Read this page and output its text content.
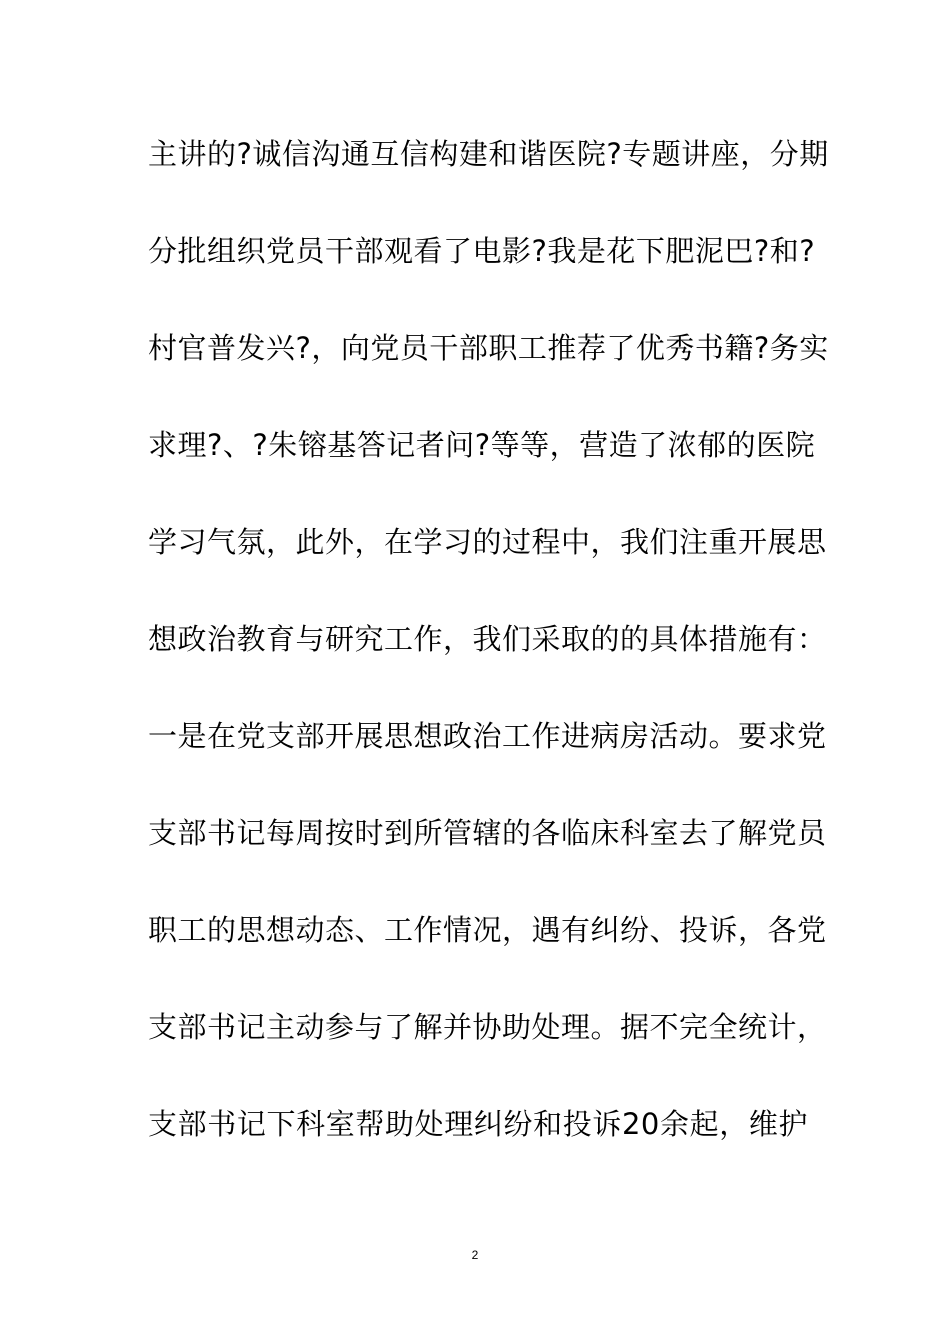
主讲的?诚信沟通互信构建和谐医院?专题讲座，分期
分批组织党员干部观看了电影?我是花下肥泥巴?和?
村官普发兴?，向党员干部职工推荐了优秀书籍?务实
求理?、?朱镕基答记者问?等等，营造了浓郁的医院
学习气氛，此外，在学习的过程中，我们注重开展思
想政治教育与研究工作，我们采取的的具体措施有：
一是在党支部开展思想政治工作进病房活动。要求党
支部书记每周按时到所管辖的各临床科室去了解党员
职工的思想动态、工作情况，遇有纠纷、投诉，各党
支部书记主动参与了解并协助处理。据不完全统计，
支部书记下科室帮助处理纠纷和投诉20余起，维护
2
